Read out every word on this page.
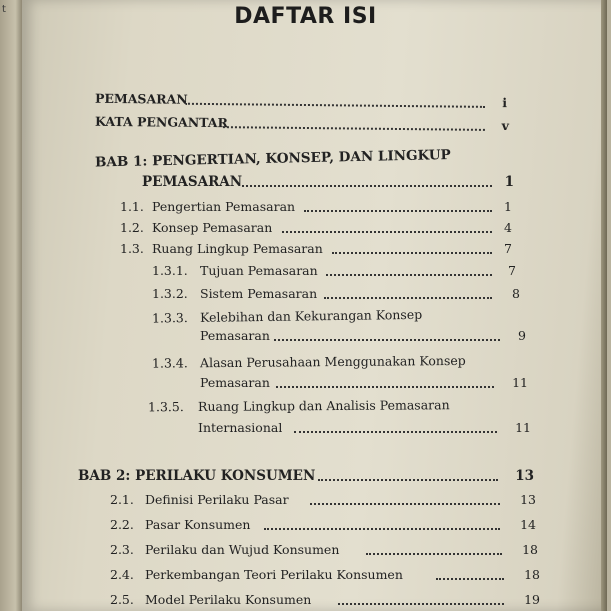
t	DAFTAR ISI
PEMASARAN	i
KATA PENGANTAR	v
BAB 1: PENGERTIAN, KONSEP, DAN LINGKUP
PEMASARAN	1
1.1. Pengertian Pemasaran	1
1.2. Konsep Pemasaran	4
1.3. Ruang Lingkup Pemasaran	7
1.3.1. Tujuan Pemasaran	7
1.3.2. Sistem Pemasaran	8
1.3.3. Kelebihan dan Kekurangan Konsep
Pemasaran	9
1.3.4. Alasan Perusahaan Menggunakan Konsep
Pemasaran	11
1.3.5. Ruang Lingkup dan Analisis Pemasaran
Internasional	11
BAB 2: PERILAKU KONSUMEN	13
2.1. Definisi Perilaku Pasar	13
2.2. Pasar Konsumen	14
2.3. Perilaku dan Wujud Konsumen	18
2.4. Perkembangan Teori Perilaku Konsumen	18
2.5. Model Perilaku Konsumen	19
